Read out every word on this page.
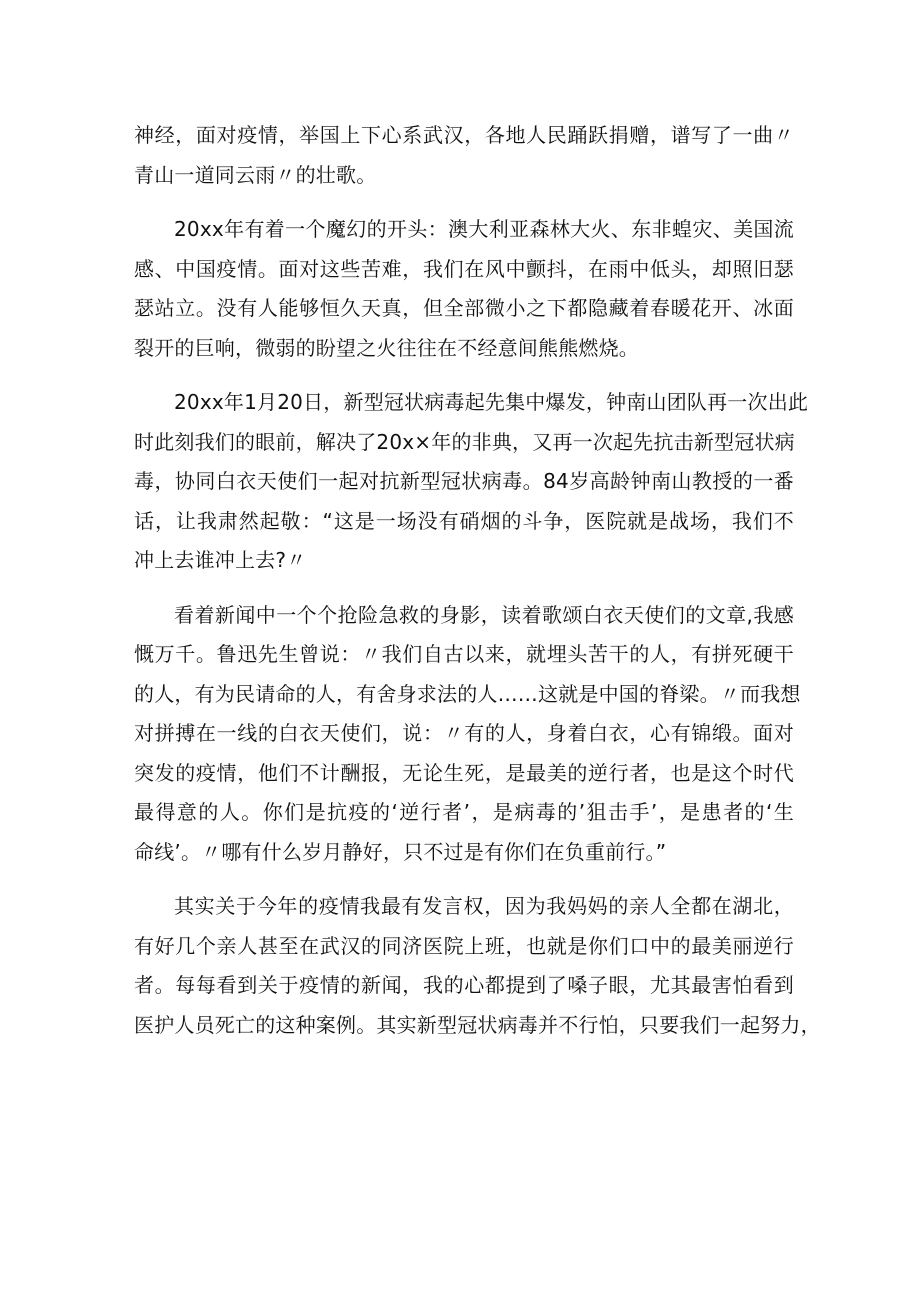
神经，面对疫情，举国上下心系武汉，各地人民踊跃捐赠，谱写了一曲〃
青山一道同云雨〃的壮歌。
20xx年有着一个魔幻的开头：澳大利亚森林大火、东非蝗灾、美国流
感、中国疫情。面对这些苦难，我们在风中颤抖，在雨中低头，却照旧瑟
瑟站立。没有人能够恒久天真，但全部微小之下都隐藏着春暖花开、冰面
裂开的巨响，微弱的盼望之火往往在不经意间熊熊燃烧。
20xx年1月20日，新型冠状病毒起先集中爆发，钟南山团队再一次出此
时此刻我们的眼前，解决了20x×年的非典，又再一次起先抗击新型冠状病
毒，协同白衣天使们一起对抗新型冠状病毒。84岁高龄钟南山教授的一番
话，让我肃然起敬：“这是一场没有硝烟的斗争，医院就是战场，我们不
冲上去谁冲上去?〃
看着新闻中一个个抢险急救的身影，读着歌颂白衣天使们的文章,我感
慨万千。鲁迅先生曾说：〃我们自古以来，就埋头苦干的人，有拼死硬干
的人，有为民请命的人，有舍身求法的人……这就是中国的脊梁。〃而我想
对拼搏在一线的白衣天使们，说：〃有的人，身着白衣，心有锦缎。面对
突发的疫情，他们不计酬报，无论生死，是最美的逆行者，也是这个时代
最得意的人。你们是抗疫的‘逆行者’，是病毒的’狙击手’，是患者的‘生
命线’。〃哪有什么岁月静好，只不过是有你们在负重前行。”
其实关于今年的疫情我最有发言权，因为我妈妈的亲人全都在湖北，
有好几个亲人甚至在武汉的同济医院上班，也就是你们口中的最美丽逆行
者。每每看到关于疫情的新闻，我的心都提到了嗓子眼，尤其最害怕看到
医护人员死亡的这种案例。其实新型冠状病毒并不行怕，只要我们一起努力，
